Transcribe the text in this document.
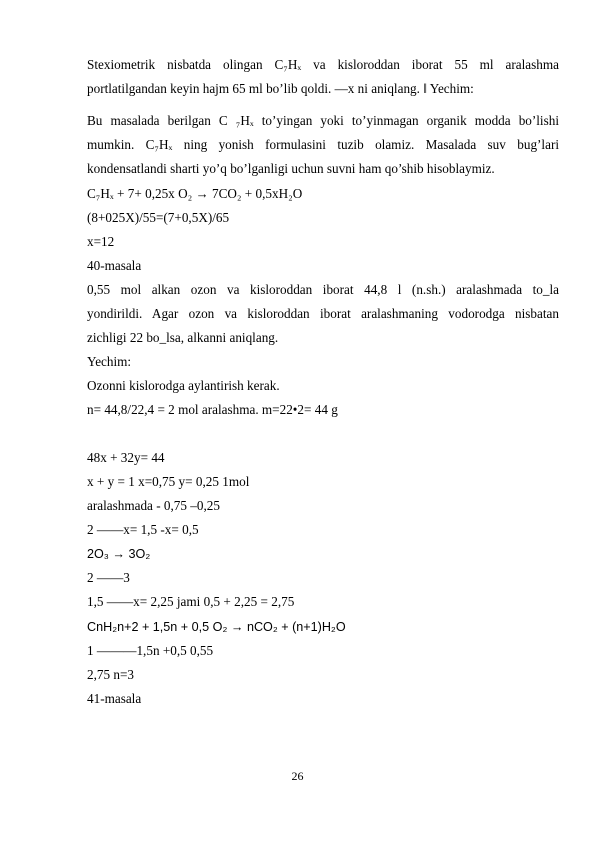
Stexiometrik nisbatda olingan C₇Hₓ va kisloroddan iborat 55 ml aralashma
portlatilgandan keyin hajm 65 ml bo’lib qoldi. ―x ni aniqlang. ‖ Yechim:
Bu masalada berilgan C ₇Hₓ to’yingan yoki to’yinmagan organik modda bo’lishi
mumkin. C₇Hₓ ning yonish formulasini tuzib olamiz. Masalada suv bug’lari
kondensatlandi sharti yo’q bo’lganligi uchun suvni ham qo’shib hisoblaymiz.
C₇Hₓ + 7+ 0,25x O₂ → 7CO₂ + 0,5xH₂O
(8+025X)/55=(7+0,5X)/65
x=12
40-masala
0,55 mol alkan ozon va kisloroddan iborat 44,8 l (n.sh.) aralashmada to_la
yondirildi. Agar ozon va kisloroddan iborat aralashmaning vodorodga nisbatan
zichligi 22 bo_lsa, alkanni aniqlang.
Yechim:
Ozonni kislorodga aylantirish kerak.
n= 44,8/22,4 = 2 mol aralashma. m=22•2= 44 g
48x + 32y= 44
x + y = 1 x=0,75 y= 0,25 1mol
aralashmada - 0,75 –0,25
2 ――x= 1,5 -x= 0,5
2O₃ → 3O₂
2 ――3
1,5 ――x= 2,25 jami 0,5 + 2,25 = 2,75
CnH₂n+2 + 1,5n + 0,5 O₂ → nCO₂ + (n+1)H₂O
1 ―――1,5n +0,5 0,55
2,75 n=3
41-masala
26
